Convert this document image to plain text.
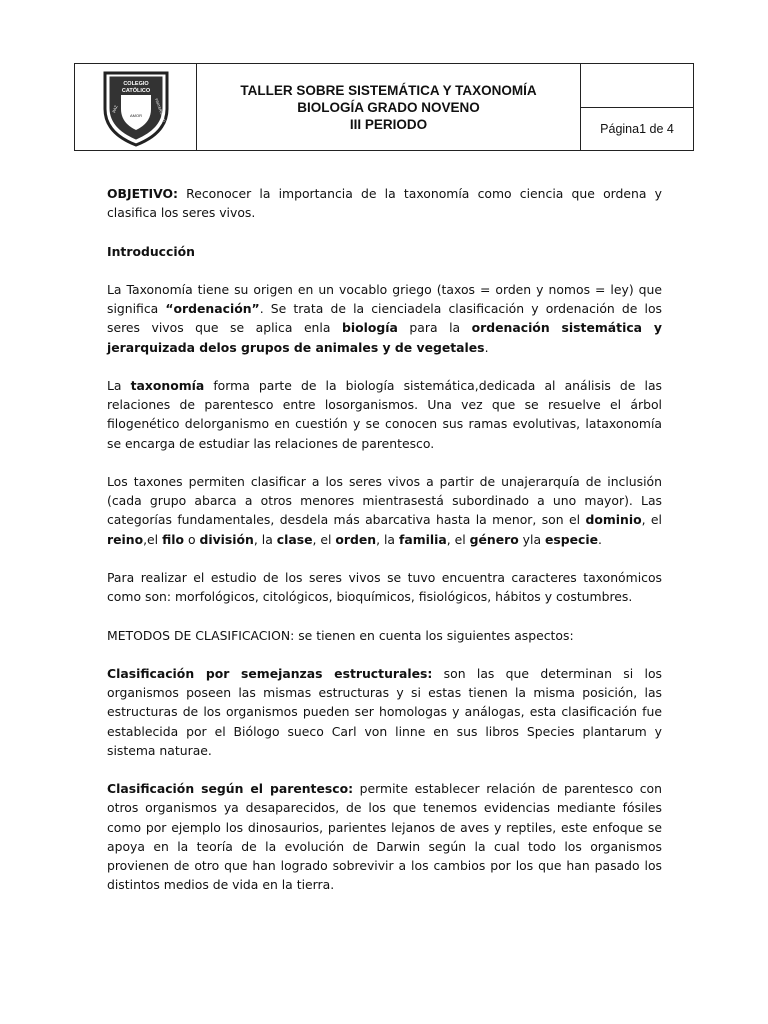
COLEGIO
CATÓLICO
PAZ
AMOR	FRATERNIDAD
TALLER SOBRE SISTEMÁTICA Y TAXONOMÍA
BIOLOGÍA GRADO NOVENO
III PERIODO	Página1 de 4

OBJETIVO: Reconocer la importancia de la taxonomía como ciencia que ordena y clasifica los seres vivos.

Introducción

La Taxonomía tiene su origen en un vocablo griego (taxos = orden y nomos = ley) que significa “ordenación”. Se trata de la cienciadela clasificación y ordenación de los seres vivos que se aplica enla biología para la ordenación sistemática y jerarquizada delos grupos de animales y de vegetales.

La taxonomía forma parte de la biología sistemática,dedicada al análisis de las relaciones de parentesco entre losorganismos. Una vez que se resuelve el árbol filogenético delorganismo en cuestión y se conocen sus ramas evolutivas, lataxonomía se encarga de estudiar las relaciones de parentesco.

Los taxones permiten clasificar a los seres vivos a partir de unajerarquía de inclusión (cada grupo abarca a otros menores mientrasestá subordinado a uno mayor). Las categorías fundamentales, desdela más abarcativa hasta la menor, son el dominio, el reino,el filo o división, la clase, el orden, la familia, el género yla especie.

Para realizar el estudio de los seres vivos se tuvo encuentra caracteres taxonómicos como son: morfológicos, citológicos, bioquímicos, fisiológicos, hábitos y costumbres.

METODOS DE CLASIFICACION: se tienen en cuenta los siguientes aspectos:

Clasificación por semejanzas estructurales: son las que determinan si los organismos poseen las mismas estructuras y si estas tienen la misma posición, las estructuras de los organismos pueden ser homologas y análogas, esta clasificación fue establecida por el Biólogo sueco Carl von linne en sus libros Species plantarum y sistema naturae.

Clasificación según el parentesco: permite establecer relación de parentesco con otros organismos ya desaparecidos, de los que tenemos evidencias mediante fósiles como por ejemplo los dinosaurios, parientes lejanos de aves y reptiles, este enfoque se apoya en la teoría de la evolución de Darwin según la cual todo los organismos provienen de otro que han logrado sobrevivir a los cambios por los que han pasado los distintos medios de vida en la tierra.
